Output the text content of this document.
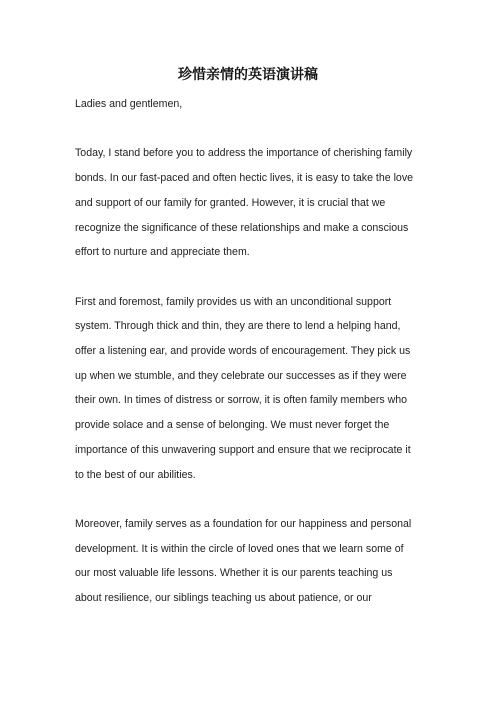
珍惜亲情的英语演讲稿
Ladies and gentlemen,
Today, I stand before you to address the importance of cherishing family
bonds. In our fast-paced and often hectic lives, it is easy to take the love
and support of our family for granted. However, it is crucial that we
recognize the significance of these relationships and make a conscious
effort to nurture and appreciate them.
First and foremost, family provides us with an unconditional support
system. Through thick and thin, they are there to lend a helping hand,
offer a listening ear, and provide words of encouragement. They pick us
up when we stumble, and they celebrate our successes as if they were
their own. In times of distress or sorrow, it is often family members who
provide solace and a sense of belonging. We must never forget the
importance of this unwavering support and ensure that we reciprocate it
to the best of our abilities.
Moreover, family serves as a foundation for our happiness and personal
development. It is within the circle of loved ones that we learn some of
our most valuable life lessons. Whether it is our parents teaching us
about resilience, our siblings teaching us about patience, or our
